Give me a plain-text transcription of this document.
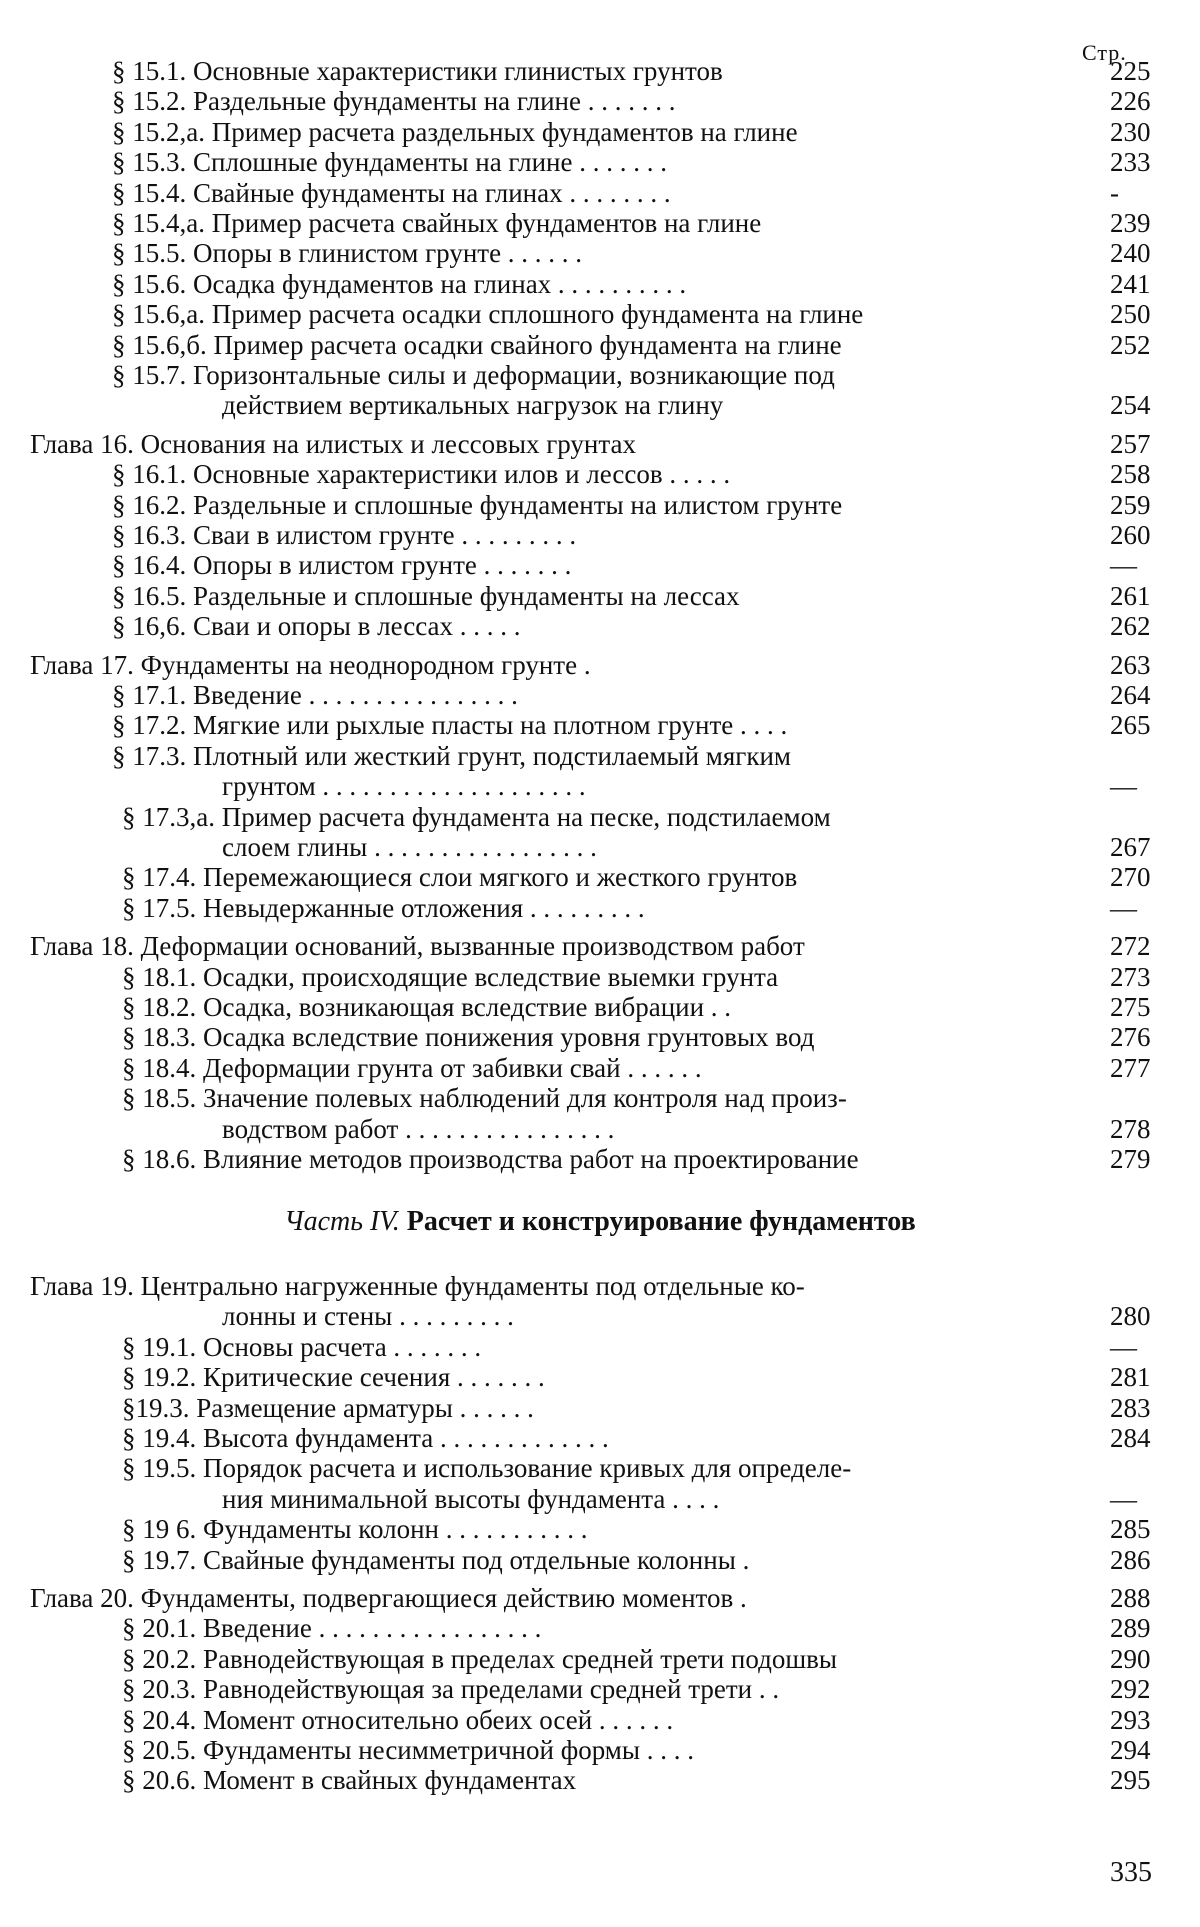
Стр.
§ 15.1. Основные характеристики глинистых грунтов	225
§ 15.2. Раздельные фундаменты на глине . . . . . . .	226
§ 15.2,а. Пример расчета раздельных фундаментов на глине	230
§ 15.3. Сплошные фундаменты на глине . . . . . . .	233
§ 15.4. Свайные фундаменты на глинах . . . . . . . .	-
§ 15.4,а. Пример расчета свайных фундаментов на глине	239
§ 15.5. Опоры в глинистом грунте . . . . . .	240
§ 15.6. Осадка фундаментов на глинах . . . . . . . . . .	241
§ 15.6,а. Пример расчета осадки сплошного фундамента на глине	250
§ 15.6,б. Пример расчета осадки свайного фундамента на глине	252
§ 15.7. Горизонтальные силы и деформации, возникающие под
действием вертикальных нагрузок на глину	254
Глава 16. Основания на илистых и лессовых грунтах	257
§ 16.1. Основные характеристики илов и лессов . . . . .	258
§ 16.2. Раздельные и сплошные фундаменты на илистом грунте	259
§ 16.3. Сваи в илистом грунте . . . . . . . . .	260
§ 16.4. Опоры в илистом грунте . . . . . . .	—
§ 16.5. Раздельные и сплошные фундаменты на лессах	261
§ 16,6. Сваи и опоры в лессах . . . . .	262
Глава 17. Фундаменты на неоднородном грунте .	263
§ 17.1. Введение . . . . . . . . . . . . . . . .	264
§ 17.2. Мягкие или рыхлые пласты на плотном грунте . . . .	265
§ 17.3. Плотный или жесткий грунт, подстилаемый мягким
грунтом . . . . . . . . . . . . . . . . . . . .	—
§ 17.3,а. Пример расчета фундамента на песке, подстилаемом
слоем глины . . . . . . . . . . . . . . . . .	267
§ 17.4. Перемежающиеся слои мягкого и жесткого грунтов	270
§ 17.5. Невыдержанные отложения . . . . . . . . .	—
Глава 18. Деформации оснований, вызванные производством работ	272
§ 18.1. Осадки, происходящие вследствие выемки грунта	273
§ 18.2. Осадка, возникающая вследствие вибрации . .	275
§ 18.3. Осадка вследствие понижения уровня грунтовых вод	276
§ 18.4. Деформации грунта от забивки свай . . . . . .	277
§ 18.5. Значение полевых наблюдений для контроля над произ-
водством работ . . . . . . . . . . . . . . . .	278
§ 18.6. Влияние методов производства работ на проектирование	279
Часть IV. Расчет и конструирование фундаментов
Глава 19. Центрально нагруженные фундаменты под отдельные ко-
лонны и стены . . . . . . . . .	280
§ 19.1. Основы расчета . . . . . . .	—
§ 19.2. Критические сечения . . . . . . .	281
§19.3. Размещение арматуры . . . . . .	283
§ 19.4. Высота фундамента . . . . . . . . . . . . .	284
§ 19.5. Порядок расчета и использование кривых для определе-
ния минимальной высоты фундамента . . . .	—
§ 19 6. Фундаменты колонн . . . . . . . . . . .	285
§ 19.7. Свайные фундаменты под отдельные колонны .	286
Глава 20. Фундаменты, подвергающиеся действию моментов .	288
§ 20.1. Введение . . . . . . . . . . . . . . . . .	289
§ 20.2. Равнодействующая в пределах средней трети подошвы	290
§ 20.3. Равнодействующая за пределами средней трети . .	292
§ 20.4. Момент относительно обеих осей . . . . . .	293
§ 20.5. Фундаменты несимметричной формы . . . .	294
§ 20.6. Момент в свайных фундаментах	295
335
